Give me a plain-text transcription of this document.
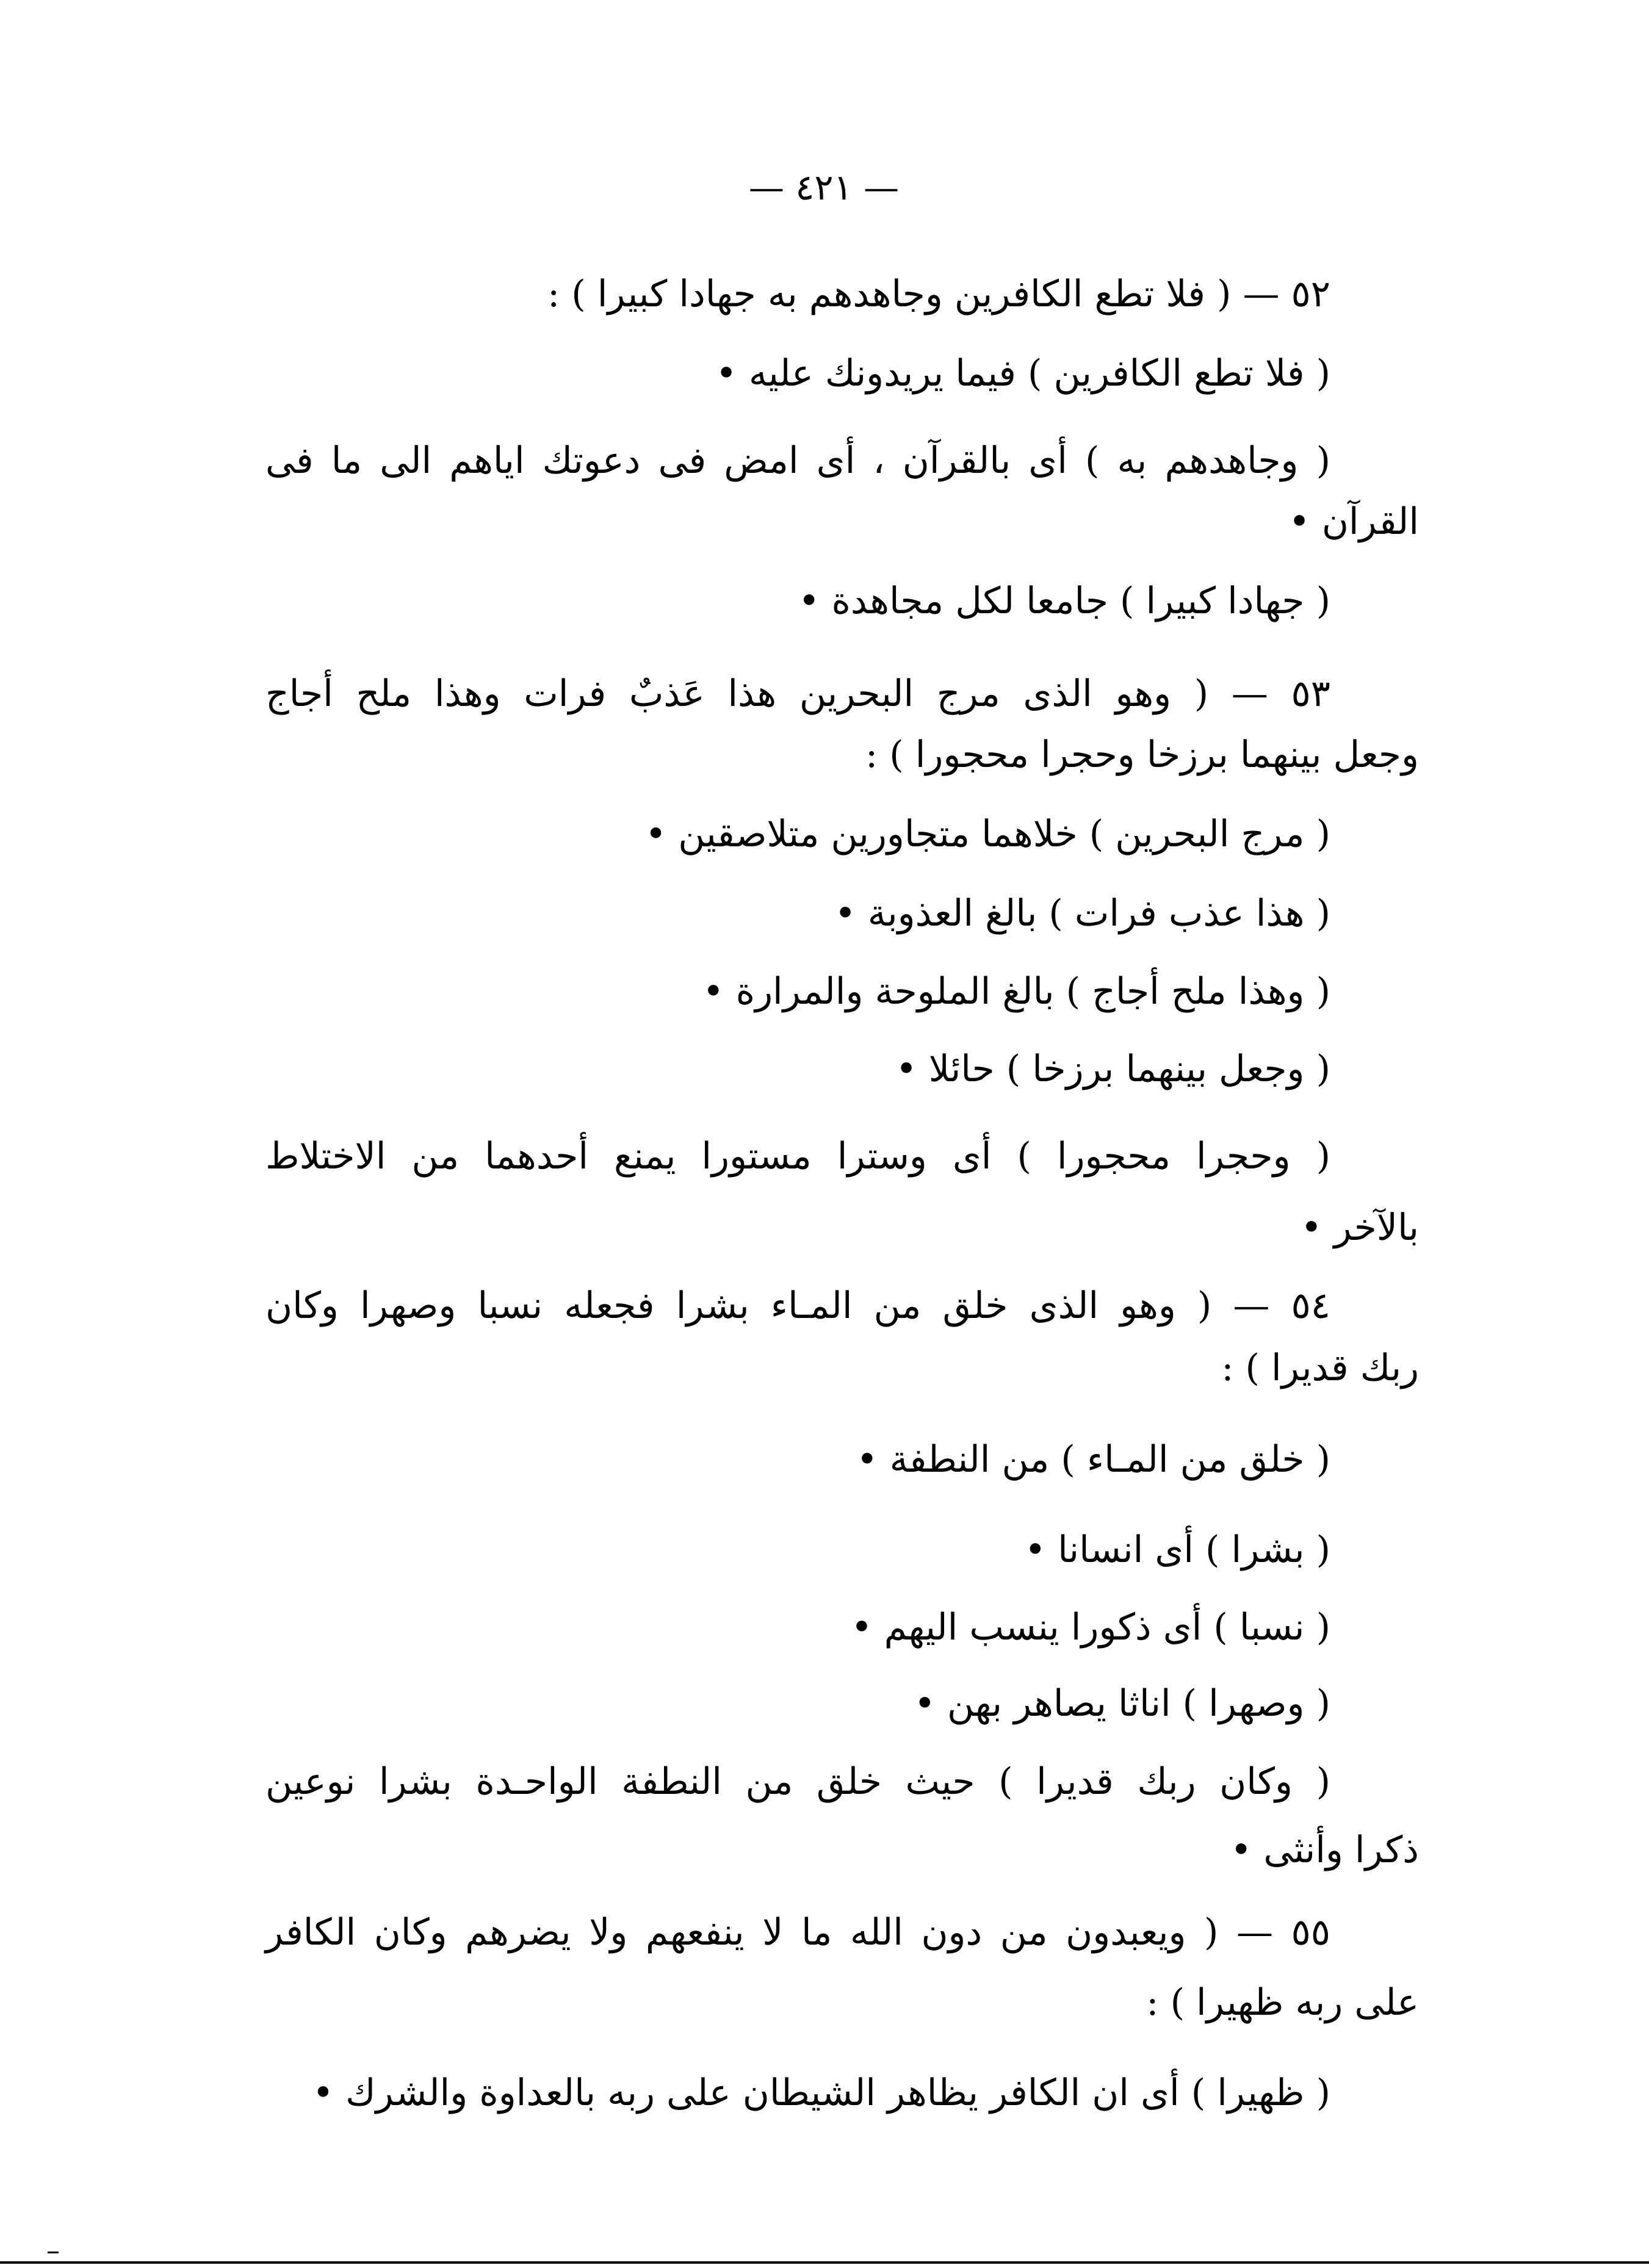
— ٤٢١ —
٥٢ — ( فلا تطع الكافرين وجاهدهم به جهادا كبيرا ) :
( فلا تطع الكافرين ) فيما يريدونك عليه •
( وجاهدهم به ) أى بالقرآن ، أى امض فى دعوتك اياهم الى ما فى
القرآن •
( جهادا كبيرا ) جامعا لكل مجاهدة •
٥٣ — ( وهو الذى مرج البحرين هذا عَذبٌ فرات وهذا ملح أجاج
وجعل بينهما برزخا وحجرا محجورا ) :
( مرج البحرين ) خلاهما متجاورين متلاصقين •
( هذا عذب فرات ) بالغ العذوبة •
( وهذا ملح أجاج ) بالغ الملوحة والمرارة •
( وجعل بينهما برزخا ) حائلا •
( وحجرا محجورا ) أى وسترا مستورا يمنع أحدهما من الاختلاط
بالآخر •
٥٤ — ( وهو الذى خلق من المـاء بشرا فجعله نسبا وصهرا وكان
ربك قديرا ) :
( خلق من المـاء ) من النطفة •
( بشرا ) أى انسانا •
( نسبا ) أى ذكورا ينسب اليهم •
( وصهرا ) اناثا يصاهر بهن •
( وكان ربك قديرا ) حيث خلق من النطفة الواحـدة بشرا نوعين
ذكرا وأنثى •
٥٥ — ( ويعبدون من دون الله ما لا ينفعهم ولا يضرهم وكان الكافر
على ربه ظهيرا ) :
( ظهيرا ) أى ان الكافر يظاهر الشيطان على ربه بالعداوة والشرك •
